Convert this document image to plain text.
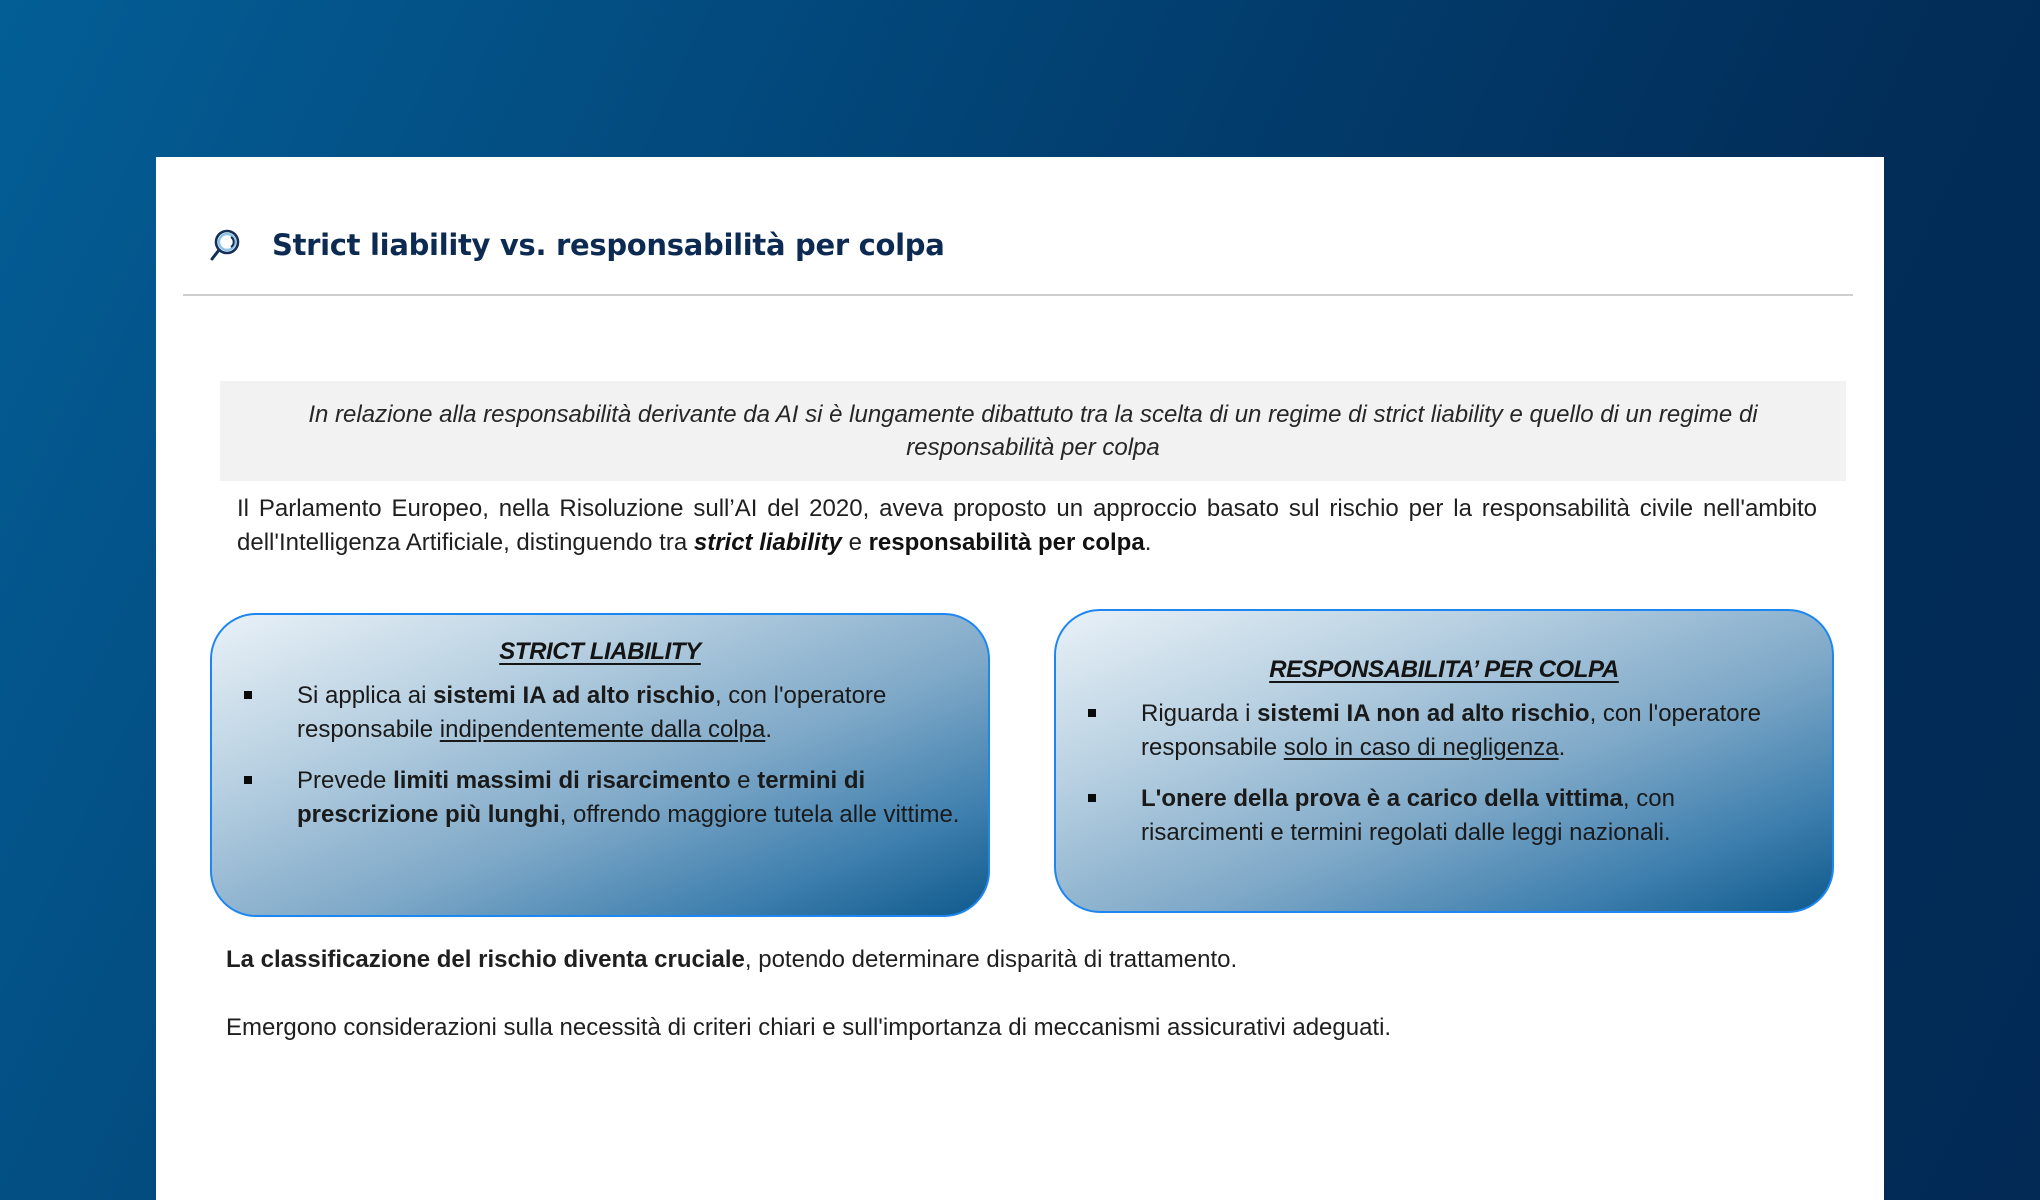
Strict liability vs. responsabilità per colpa
In relazione alla responsabilità derivante da AI si è lungamente dibattuto tra la scelta di un regime di strict liability e quello di un regime di responsabilità per colpa
Il Parlamento Europeo, nella Risoluzione sull’AI del 2020, aveva proposto un approccio basato sul rischio per la responsabilità civile nell'ambito dell'Intelligenza Artificiale, distinguendo tra strict liability e responsabilità per colpa.
STRICT LIABILITY
Si applica ai sistemi IA ad alto rischio, con l'operatore responsabile indipendentemente dalla colpa.
Prevede limiti massimi di risarcimento e termini di prescrizione più lunghi, offrendo maggiore tutela alle vittime.
RESPONSABILITA’ PER COLPA
Riguarda i sistemi IA non ad alto rischio, con l'operatore responsabile solo in caso di negligenza.
L'onere della prova è a carico della vittima, con risarcimenti e termini regolati dalle leggi nazionali.
La classificazione del rischio diventa cruciale, potendo determinare disparità di trattamento.
Emergono considerazioni sulla necessità di criteri chiari e sull'importanza di meccanismi assicurativi adeguati.
